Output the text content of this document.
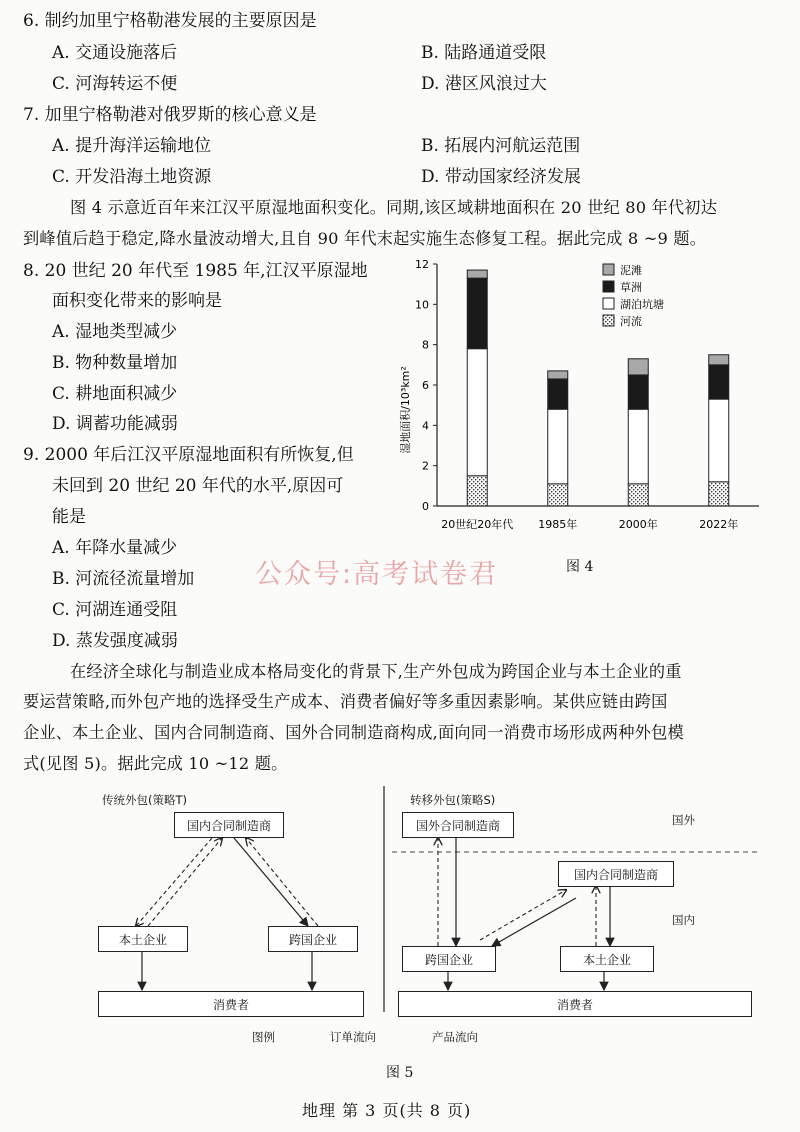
6. 制约加里宁格勒港发展的主要原因是
A. 交通设施落后	B. 陆路通道受限
C. 河海转运不便	D. 港区风浪过大
7. 加里宁格勒港对俄罗斯的核心意义是
A. 提升海洋运输地位	B. 拓展内河航运范围
C. 开发沿海土地资源	D. 带动国家经济发展
图 4 示意近百年来江汉平原湿地面积变化。同期,该区域耕地面积在 20 世纪 80 年代初达
到峰值后趋于稳定,降水量波动增大,且自 90 年代末起实施生态修复工程。据此完成 8 ~9 题。
8. 20 世纪 20 年代至 1985 年,江汉平原湿地
面积变化带来的影响是
A. 湿地类型减少
B. 物种数量增加
C. 耕地面积减少
D. 调蓄功能减弱
9. 2000 年后江汉平原湿地面积有所恢复,但
未回到 20 世纪 20 年代的水平,原因可
能是
A. 年降水量减少
B. 河流径流量增加
C. 河湖连通受阻
D. 蒸发强度减弱
0
2
4
6
8
10
12
20世纪20年代 1985年	2000年	2022年
泥滩
草洲
湖泊坑塘
河流
湿地面积/10³km²
图 4
公众号:高考试卷君
在经济全球化与制造业成本格局变化的背景下,生产外包成为跨国企业与本土企业的重
要运营策略,而外包产地的选择受生产成本、消费者偏好等多重因素影响。某供应链由跨国
企业、本土企业、国内合同制造商、国外合同制造商构成,面向同一消费市场形成两种外包模
式(见图 5)。据此完成 10 ~12 题。
传统外包(策略T)	转移外包(策略S)
国内合同制造商
本土企业	跨国企业
消费者
国外合同制造商
国内合同制造商
跨国企业	本土企业
消费者
国外
国内
图例	订单流向	产品流向
图 5
地理 第 3 页(共 8 页)
